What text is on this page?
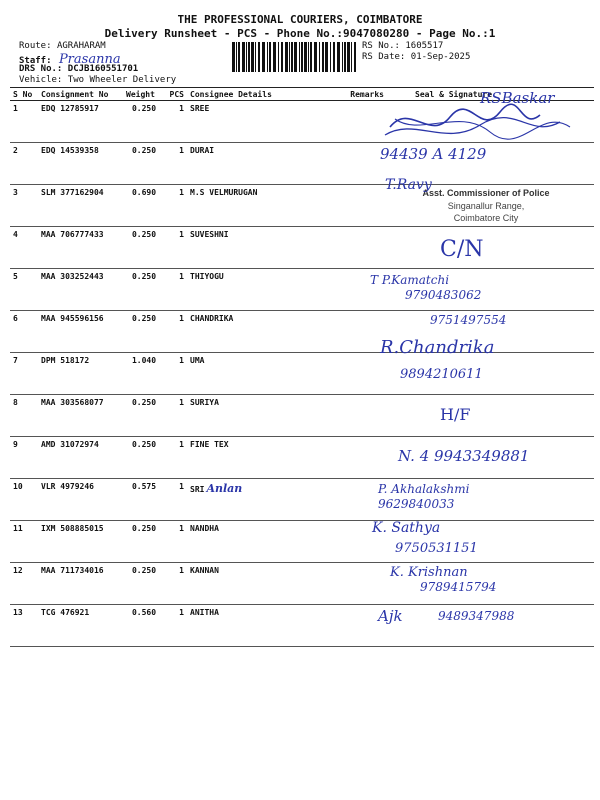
THE PROFESSIONAL COURIERS, COIMBATORE
Delivery Runsheet - PCS - Phone No.:9047080280 - Page No.:1
Route: AGRAHARAM
Staff: Prasanna
DRS No.: DCJB160551701
Vehicle: Two Wheeler Delivery
RS No.: 1605517
RS Date: 01-Sep-2025
S No	Consignment No	Weight	PCS	Consignee Details	Remarks	Seal & Signature
1	EDQ 12785917	0.250	1	SREE		
2	EDQ 14539358	0.250	1	DURAI		
3	SLM 377162904	0.690	1	M.S VELMURUGAN		
4	MAA 706777433	0.250	1	SUVESHNI		
5	MAA 303252443	0.250	1	THIYOGU		
6	MAA 945596156	0.250	1	CHANDRIKA		
7	DPM 518172	1.040	1	UMA		
8	MAA 303568077	0.250	1	SURIYA		
9	AMD 31072974	0.250	1	FINE TEX		
10	VLR 4979246	0.575	1	SRI Anlan		
11	IXM 508885015	0.250	1	NANDHA		
12	MAA 711734016	0.250	1	KANNAN		
13	TCG 476921	0.560	1	ANITHA		
Asst. Commissioner of Police
Singanallur Range,
Coimbatore City
RSBaskar
94439 A 4129
T.Ravy
C/N
T P.Kamatchi
9790483062
9751497554
R.Chandrika
9894210611
H/F
N. 4 9943349881
P. Akhalakshmi
9629840033
K. Sathya
9750531151
K. Krishnan
9789415794
Ajk	9489347988
